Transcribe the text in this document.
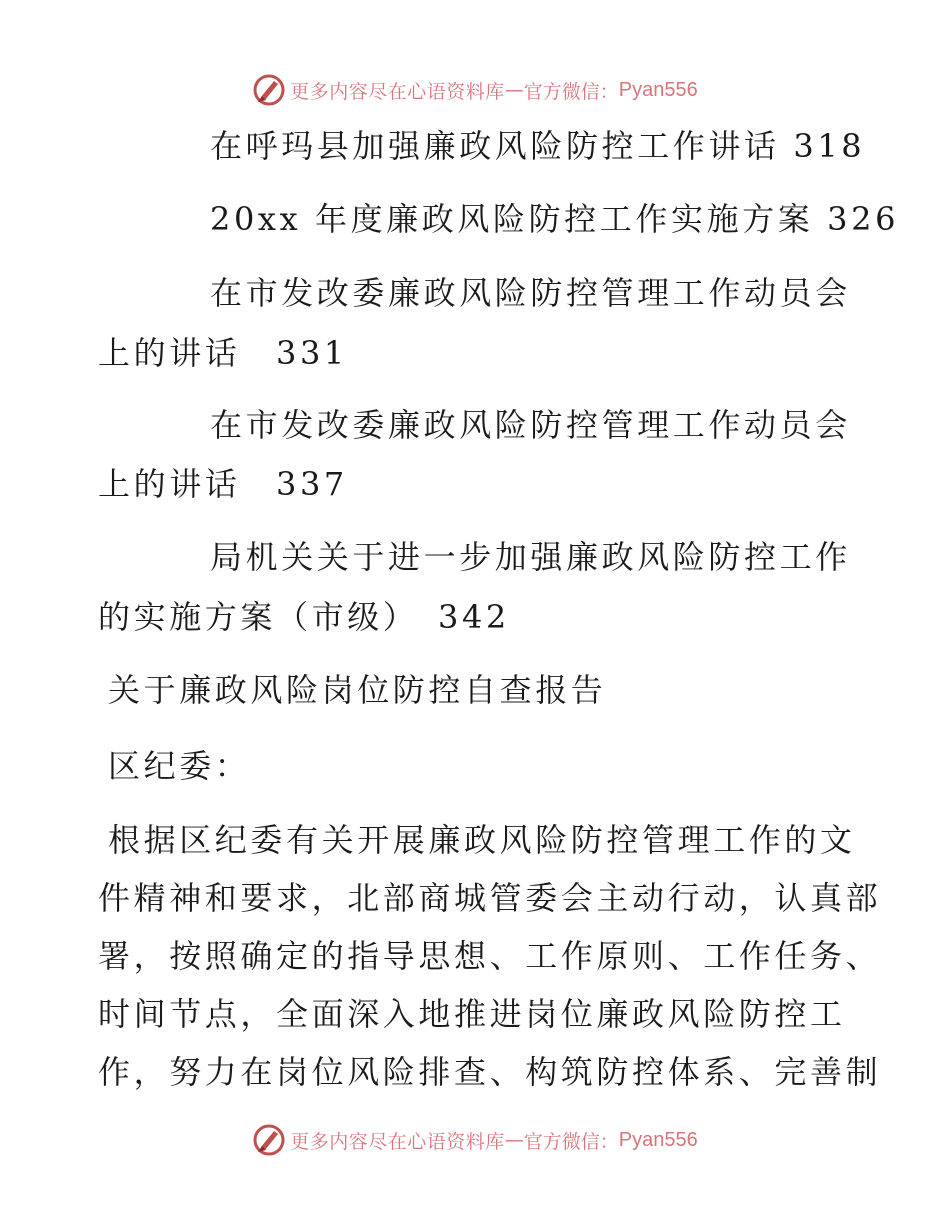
更多内容尽在心语资料库 — 官方微信： Pyan556
在呼玛县加强廉政风险防控工作讲话 318
20xx 年度廉政风险防控工作实施方案 326
在市发改委廉政风险防控管理工作动员会
上的讲话　331
在市发改委廉政风险防控管理工作动员会
上的讲话　337
局机关关于进一步加强廉政风险防控工作
的实施方案（市级）　342
关于廉政风险岗位防控自查报告
区纪委：
根据区纪委有关开展廉政风险防控管理工作的文
件精神和要求，北部商城管委会主动行动，认真部
署，按照确定的指导思想、工作原则、工作任务、
时间节点，全面深入地推进岗位廉政风险防控工
作，努力在岗位风险排查、构筑防控体系、完善制
更多内容尽在心语资料库 — 官方微信： Pyan556
